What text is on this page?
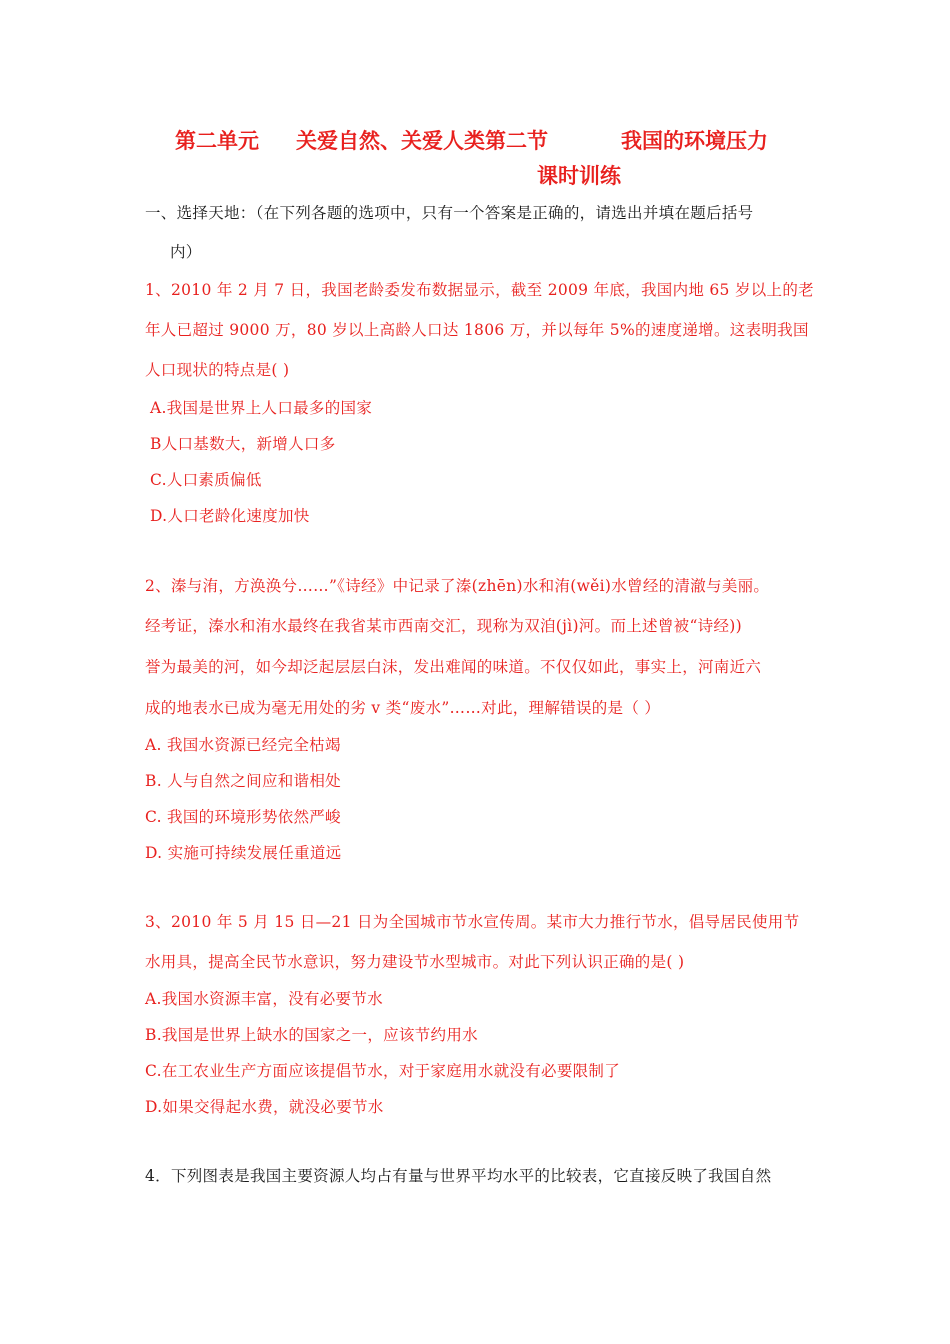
第二单元 关爱自然、关爱人类第二节	我国的环境压力
课时训练
一、选择天地：（在下列各题的选项中，只有一个答案是正确的，请选出并填在题后括号
内）
1、2010 年 2 月 7 日，我国老龄委发布数据显示，截至 2009 年底，我国内地 65 岁以上的老
年人已超过 9000 万，80 岁以上高龄人口达 1806 万，并以每年 5%的速度递增。这表明我国
人口现状的特点是( )
A.我国是世界上人口最多的国家
B人口基数大，新增人口多
C.人口素质偏低
D.人口老龄化速度加快
2、溱与洧，方涣涣兮……”《诗经》中记录了溱(zhēn)水和洧(wěi)水曾经的清澈与美丽。
经考证，溱水和洧水最终在我省某市西南交汇，现称为双洎(jì)河。而上述曾被“诗经))
誉为最美的河，如今却泛起层层白沫，发出难闻的味道。不仅仅如此，事实上，河南近六
成的地表水已成为毫无用处的劣 v 类“废水”……对此，理解错误的是（ ）
A. 我国水资源已经完全枯竭
B. 人与自然之间应和谐相处
C. 我国的环境形势依然严峻
D. 实施可持续发展任重道远
3、2010 年 5 月 15 日—21 日为全国城市节水宣传周。某市大力推行节水，倡导居民使用节
水用具，提高全民节水意识，努力建设节水型城市。对此下列认识正确的是( )
A.我国水资源丰富，没有必要节水
B.我国是世界上缺水的国家之一，应该节约用水
C.在工农业生产方面应该提倡节水，对于家庭用水就没有必要限制了
D.如果交得起水费，就没必要节水
4．下列图表是我国主要资源人均占有量与世界平均水平的比较表，它直接反映了我国自然
